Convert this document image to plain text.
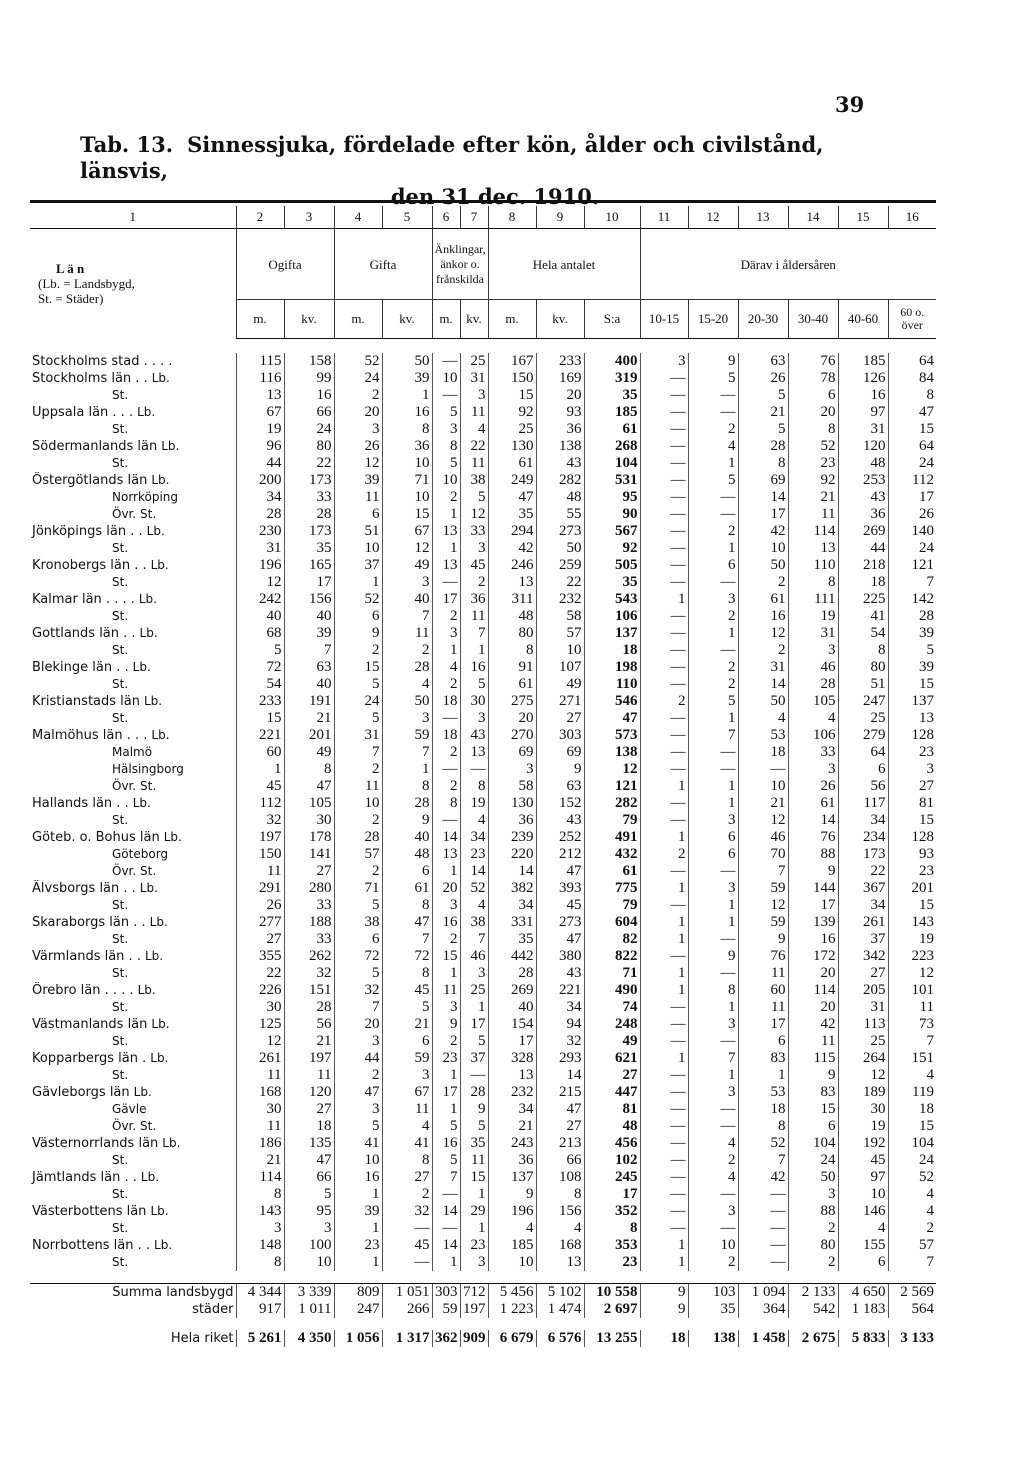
39
Tab. 13. Sinnessjuka, fördelade efter kön, ålder och civilstånd, länsvis,
den 31 dec. 1910.

1	2	3	4	5	6	7	8	9	10	11	12	13	14	15	16

L ä n
(Lb. = Landsbygd,
St. = Städer)	Ogifta		Gifta		Änklingar, änkor o. frånskilda		Hela antalet			Därav i åldersåren					
	m.	kv.	m.	kv.	m.	kv.	m.	kv.	S:a	10-15	15-20	20-30	30-40	40-60	60 o. över

Stockholms stad . . . .	115	158	52	50	—	25	167	233	400	3	9	63	76	185	64
Stockholms län . . Lb.	116	99	24	39	10	31	150	169	319	—	5	26	78	126	84
St.	13	16	2	1	—	3	15	20	35	—	—	5	6	16	8
Uppsala län . . . Lb.	67	66	20	16	5	11	92	93	185	—	—	21	20	97	47
St.	19	24	3	8	3	4	25	36	61	—	2	5	8	31	15
Södermanlands län Lb.	96	80	26	36	8	22	130	138	268	—	4	28	52	120	64
St.	44	22	12	10	5	11	61	43	104	—	1	8	23	48	24
Östergötlands län Lb.	200	173	39	71	10	38	249	282	531	—	5	69	92	253	112
Norrköping	34	33	11	10	2	5	47	48	95	—	—	14	21	43	17
Övr. St.	28	28	6	15	1	12	35	55	90	—	—	17	11	36	26
Jönköpings län . . Lb.	230	173	51	67	13	33	294	273	567	—	2	42	114	269	140
St.	31	35	10	12	1	3	42	50	92	—	1	10	13	44	24
Kronobergs län . . Lb.	196	165	37	49	13	45	246	259	505	—	6	50	110	218	121
St.	12	17	1	3	—	2	13	22	35	—	—	2	8	18	7
Kalmar län . . . . Lb.	242	156	52	40	17	36	311	232	543	1	3	61	111	225	142
St.	40	40	6	7	2	11	48	58	106	—	2	16	19	41	28
Gottlands län . . Lb.	68	39	9	11	3	7	80	57	137	—	1	12	31	54	39
St.	5	7	2	2	1	1	8	10	18	—	—	2	3	8	5
Blekinge län . . Lb.	72	63	15	28	4	16	91	107	198	—	2	31	46	80	39
St.	54	40	5	4	2	5	61	49	110	—	2	14	28	51	15
Kristianstads län Lb.	233	191	24	50	18	30	275	271	546	2	5	50	105	247	137
St.	15	21	5	3	—	3	20	27	47	—	1	4	4	25	13
Malmöhus län . . . Lb.	221	201	31	59	18	43	270	303	573	—	7	53	106	279	128
Malmö	60	49	7	7	2	13	69	69	138	—	—	18	33	64	23
Hälsingborg	1	8	2	1	—	—	3	9	12	—	—	—	3	6	3
Övr. St.	45	47	11	8	2	8	58	63	121	1	1	10	26	56	27
Hallands län . . Lb.	112	105	10	28	8	19	130	152	282	—	1	21	61	117	81
St.	32	30	2	9	—	4	36	43	79	—	3	12	14	34	15
Göteb. o. Bohus län Lb.	197	178	28	40	14	34	239	252	491	1	6	46	76	234	128
Göteborg	150	141	57	48	13	23	220	212	432	2	6	70	88	173	93
Övr. St.	11	27	2	6	1	14	14	47	61	—	—	7	9	22	23
Älvsborgs län . . Lb.	291	280	71	61	20	52	382	393	775	1	3	59	144	367	201
St.	26	33	5	8	3	4	34	45	79	—	1	12	17	34	15
Skaraborgs län . . Lb.	277	188	38	47	16	38	331	273	604	1	1	59	139	261	143
St.	27	33	6	7	2	7	35	47	82	1	—	9	16	37	19
Värmlands län . . Lb.	355	262	72	72	15	46	442	380	822	—	9	76	172	342	223
St.	22	32	5	8	1	3	28	43	71	1	—	11	20	27	12
Örebro län . . . . Lb.	226	151	32	45	11	25	269	221	490	1	8	60	114	205	101
St.	30	28	7	5	3	1	40	34	74	—	1	11	20	31	11
Västmanlands län Lb.	125	56	20	21	9	17	154	94	248	—	3	17	42	113	73
St.	12	21	3	6	2	5	17	32	49	—	—	6	11	25	7
Kopparbergs län . Lb.	261	197	44	59	23	37	328	293	621	1	7	83	115	264	151
St.	11	11	2	3	1	—	13	14	27	—	1	1	9	12	4
Gävleborgs län Lb.	168	120	47	67	17	28	232	215	447	—	3	53	83	189	119
Gävle	30	27	3	11	1	9	34	47	81	—	—	18	15	30	18
Övr. St.	11	18	5	4	5	5	21	27	48	—	—	8	6	19	15
Västernorrlands län Lb.	186	135	41	41	16	35	243	213	456	—	4	52	104	192	104
St.	21	47	10	8	5	11	36	66	102	—	2	7	24	45	24
Jämtlands län . . Lb.	114	66	16	27	7	15	137	108	245	—	4	42	50	97	52
St.	8	5	1	2	—	1	9	8	17	—	—	—	3	10	4
Västerbottens län Lb.	143	95	39	32	14	29	196	156	352	—	3	—	88	146	4
St.	3	3	1	—	—	1	4	4	8	—	—	—	2	4	2
Norrbottens län . . Lb.	148	100	23	45	14	23	185	168	353	1	10	—	80	155	57
St.	8	10	1	—	1	3	10	13	23	1	2	—	2	6	7

Summa landsbygd	4 344	3 339	809	1 051	303	712	5 456	5 102	10 558	9	103	1 094	2 133	4 650	2 569
städer	917	1 011	247	266	59	197	1 223	1 474	2 697	9	35	364	542	1 183	564

Hela riket	5 261	4 350	1 056	1 317	362	909	6 679	6 576	13 255	18	138	1 458	2 675	5 833	3 133
